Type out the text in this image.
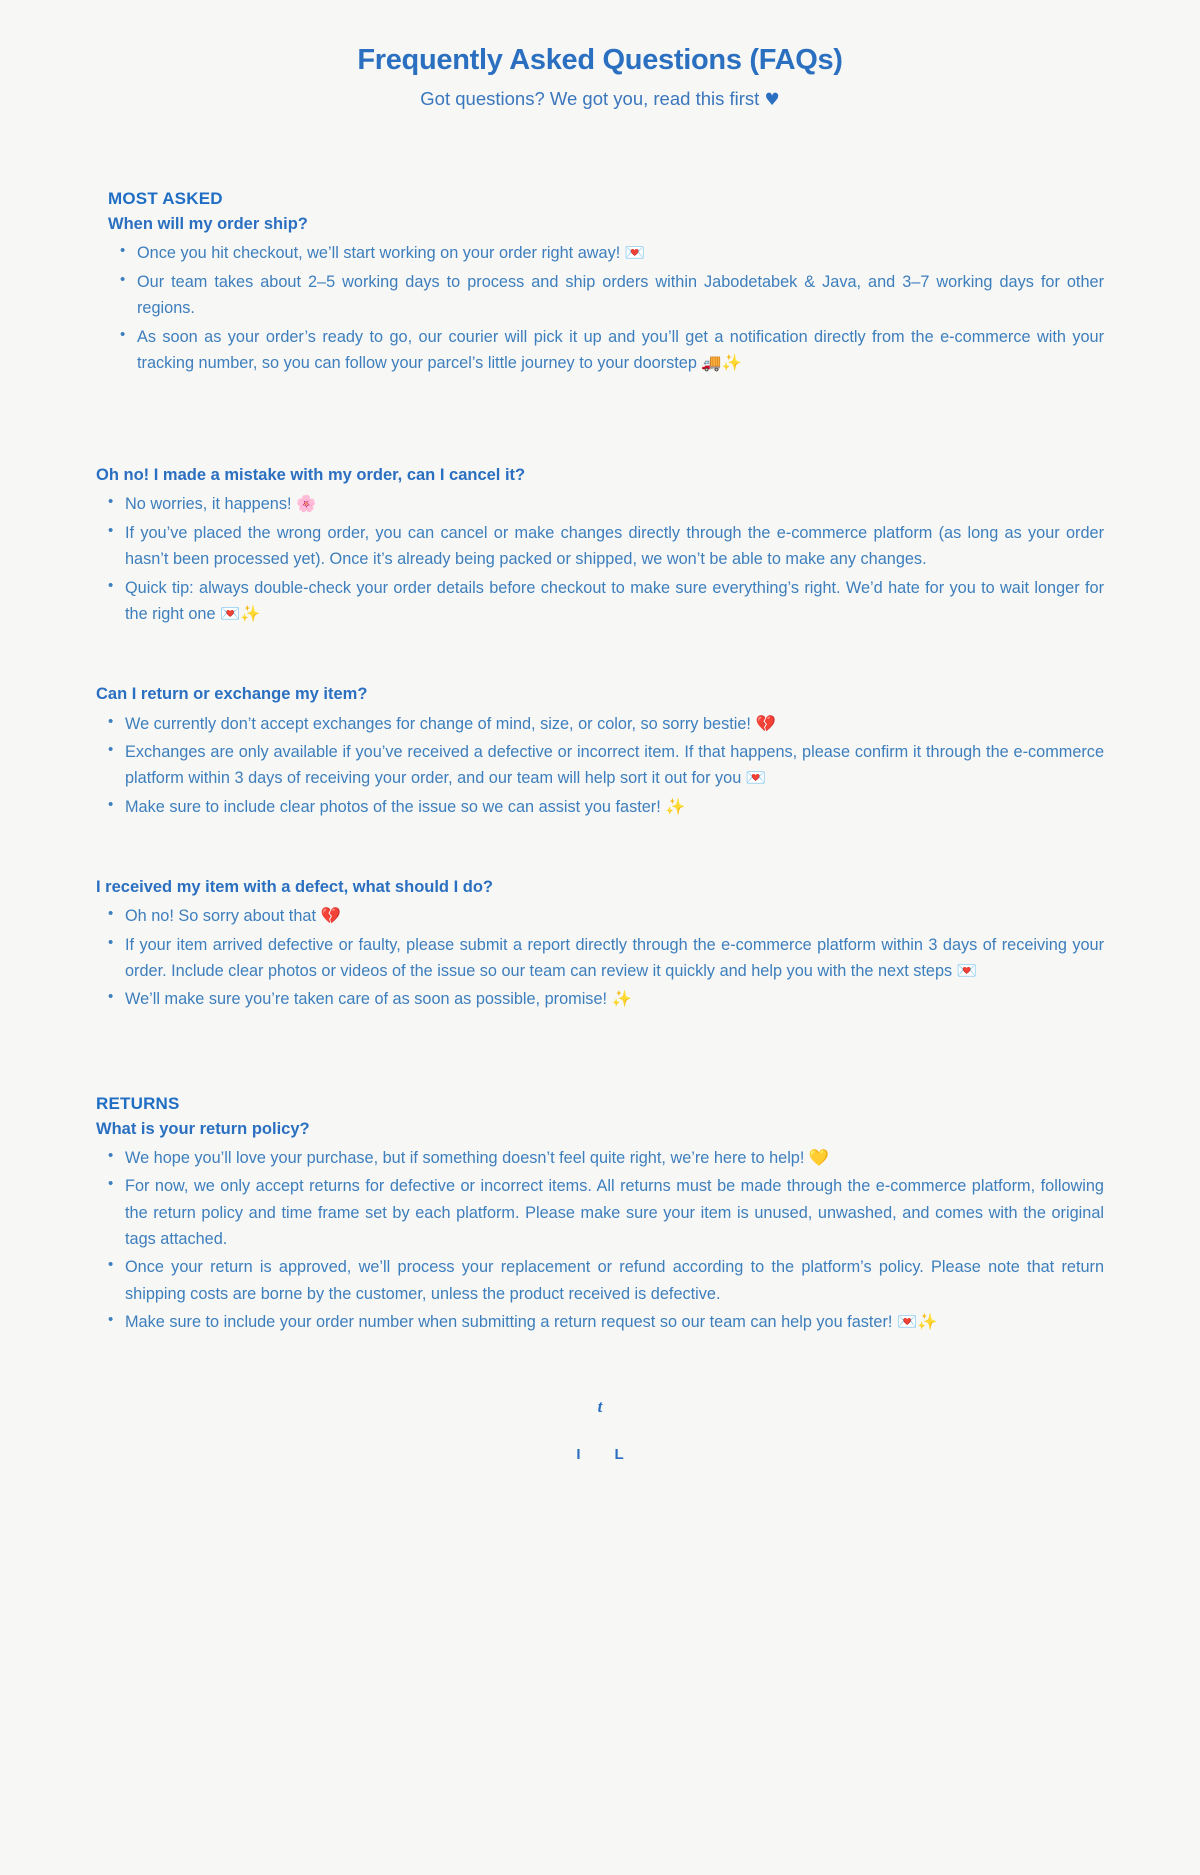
Frequently Asked Questions (FAQs)

Got questions? We got you, read this first ♥

MOST ASKED
When will my order ship?
• Once you hit checkout, we’ll start working on your order right away! 💌
• Our team takes about 2–5 working days to process and ship orders within Jabodetabek & Java, and 3–7 working days for other regions.
• As soon as your order’s ready to go, our courier will pick it up and you’ll get a notification directly from the e-commerce with your tracking number, so you can follow your parcel’s little journey to your doorstep 🚚✨
Oh no! I made a mistake with my order, can I cancel it?
• No worries, it happens! 🌸
• If you’ve placed the wrong order, you can cancel or make changes directly through the e-commerce platform (as long as your order hasn’t been processed yet). Once it’s already being packed or shipped, we won’t be able to make any changes.
• Quick tip: always double-check your order details before checkout to make sure everything’s right. We’d hate for you to wait longer for the right one 💌✨
Can I return or exchange my item?
• We currently don’t accept exchanges for change of mind, size, or color, so sorry bestie! 💔
• Exchanges are only available if you’ve received a defective or incorrect item. If that happens, please confirm it through the e-commerce platform within 3 days of receiving your order, and our team will help sort it out for you 💌
• Make sure to include clear photos of the issue so we can assist you faster! ✨
I received my item with a defect, what should I do?
• Oh no! So sorry about that 💔
• If your item arrived defective or faulty, please submit a report directly through the e-commerce platform within 3 days of receiving your order. Include clear photos or videos of the issue so our team can review it quickly and help you with the next steps 💌
• We’ll make sure you’re taken care of as soon as possible, promise! ✨
RETURNS
What is your return policy?
• We hope you’ll love your purchase, but if something doesn’t feel quite right, we’re here to help! 💛
• For now, we only accept returns for defective or incorrect items. All returns must be made through the e-commerce platform, following the return policy and time frame set by each platform. Please make sure your item is unused, unwashed, and comes with the original tags attached.
• Once your return is approved, we’ll process your replacement or refund according to the platform’s policy. Please note that return shipping costs are borne by the customer, unless the product received is defective.
• Make sure to include your order number when submitting a return request so our team can help you faster! 💌✨
t
I L
